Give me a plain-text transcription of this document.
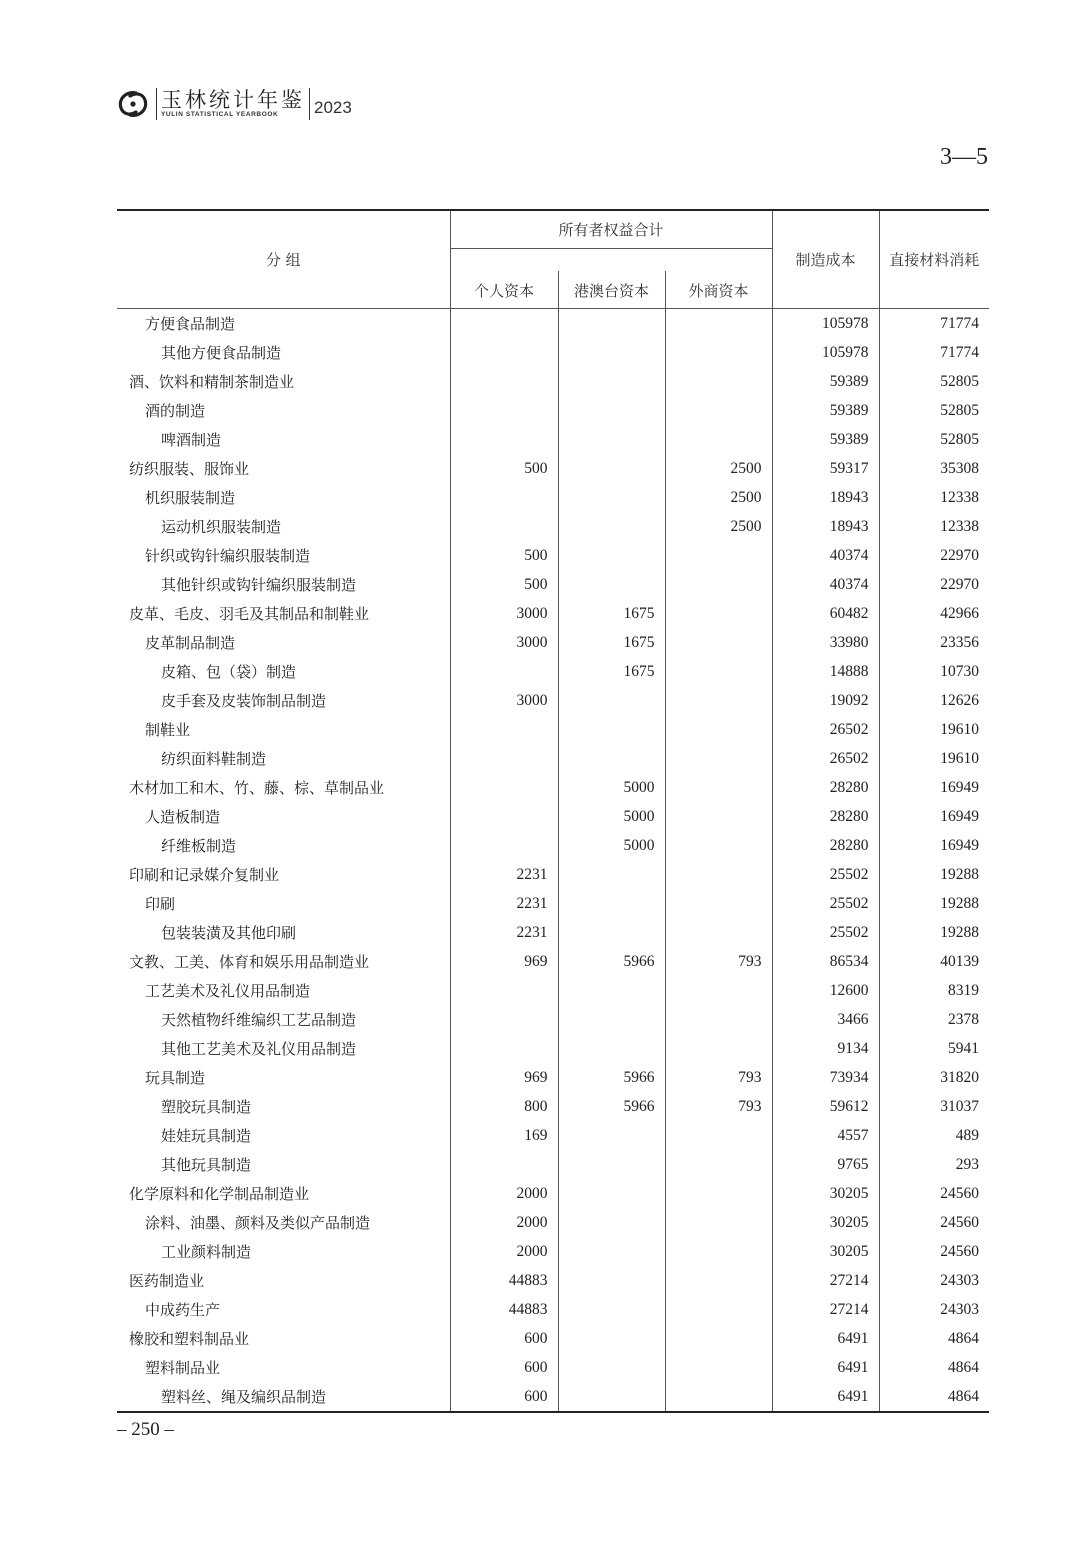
玉林统计年鉴
YULIN STATISTICAL YEARBOOK	2023
3—5
分 组	所有者权益合计			制造成本	直接材料消耗

	个人资本	港澳台资本	外商资本		
方便食品制造				105978	71774
其他方便食品制造				105978	71774
酒、饮料和精制茶制造业				59389	52805
酒的制造				59389	52805
啤酒制造				59389	52805
纺织服装、服饰业	500		2500	59317	35308
机织服装制造			2500	18943	12338
运动机织服装制造			2500	18943	12338
针织或钩针编织服装制造	500			40374	22970
其他针织或钩针编织服装制造	500			40374	22970
皮革、毛皮、羽毛及其制品和制鞋业	3000	1675		60482	42966
皮革制品制造	3000	1675		33980	23356
皮箱、包（袋）制造		1675		14888	10730
皮手套及皮装饰制品制造	3000			19092	12626
制鞋业				26502	19610
纺织面料鞋制造				26502	19610
木材加工和木、竹、藤、棕、草制品业		5000		28280	16949
人造板制造		5000		28280	16949
纤维板制造		5000		28280	16949
印刷和记录媒介复制业	2231			25502	19288
印刷	2231			25502	19288
包装装潢及其他印刷	2231			25502	19288
文教、工美、体育和娱乐用品制造业	969	5966	793	86534	40139
工艺美术及礼仪用品制造				12600	8319
天然植物纤维编织工艺品制造				3466	2378
其他工艺美术及礼仪用品制造				9134	5941
玩具制造	969	5966	793	73934	31820
塑胶玩具制造	800	5966	793	59612	31037
娃娃玩具制造	169			4557	489
其他玩具制造				9765	293
化学原料和化学制品制造业	2000			30205	24560
涂料、油墨、颜料及类似产品制造	2000			30205	24560
工业颜料制造	2000			30205	24560
医药制造业	44883			27214	24303
中成药生产	44883			27214	24303
橡胶和塑料制品业	600			6491	4864
塑料制品业	600			6491	4864
塑料丝、绳及编织品制造	600			6491	4864
– 250 –
